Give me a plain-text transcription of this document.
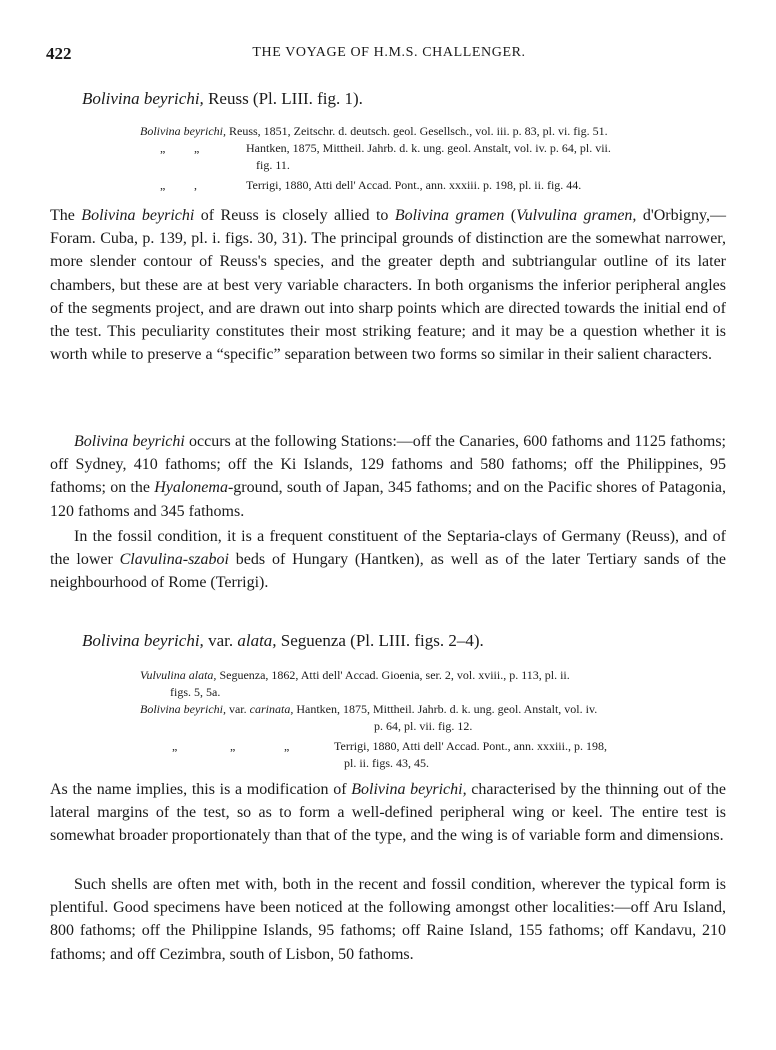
422	THE VOYAGE OF H.M.S. CHALLENGER.
Bolivina beyrichi, Reuss (Pl. LIII. fig. 1).
Bolivina beyrichi, Reuss, 1851, Zeitschr. d. deutsch. geol. Gesellsch., vol. iii. p. 83, pl. vi. fig. 51.
„ „	Hantken, 1875, Mittheil. Jahrb. d. k. ung. geol. Anstalt, vol. iv. p. 64, pl. vii.
fig. 11.
„ ,	Terrigi, 1880, Atti dell' Accad. Pont., ann. xxxiii. p. 198, pl. ii. fig. 44.

The Bolivina beyrichi of Reuss is closely allied to Bolivina gramen (Vulvulina gramen, d'Orbigny,—Foram. Cuba, p. 139, pl. i. figs. 30, 31). The principal grounds of distinction are the somewhat narrower, more slender contour of Reuss's species, and the greater depth and subtriangular outline of its later chambers, but these are at best very variable characters. In both organisms the inferior peripheral angles of the segments project, and are drawn out into sharp points which are directed towards the initial end of the test. This peculiarity constitutes their most striking feature; and it may be a question whether it is worth while to preserve a “specific” separation between two forms so similar in their salient characters.

Bolivina beyrichi occurs at the following Stations:—off the Canaries, 600 fathoms and 1125 fathoms; off Sydney, 410 fathoms; off the Ki Islands, 129 fathoms and 580 fathoms; off the Philippines, 95 fathoms; on the Hyalonema-ground, south of Japan, 345 fathoms; and on the Pacific shores of Patagonia, 120 fathoms and 345 fathoms.

In the fossil condition, it is a frequent constituent of the Septaria-clays of Germany (Reuss), and of the lower Clavulina-szaboi beds of Hungary (Hantken), as well as of the later Tertiary sands of the neighbourhood of Rome (Terrigi).

Bolivina beyrichi, var. alata, Seguenza (Pl. LIII. figs. 2–4).
Vulvulina alata, Seguenza, 1862, Atti dell' Accad. Gioenia, ser. 2, vol. xviii., p. 113, pl. ii.
figs. 5, 5a.
Bolivina beyrichi, var. carinata, Hantken, 1875, Mittheil. Jahrb. d. k. ung. geol. Anstalt, vol. iv.
p. 64, pl. vii. fig. 12.
„	„	„	Terrigi, 1880, Atti dell' Accad. Pont., ann. xxxiii., p. 198,
pl. ii. figs. 43, 45.

As the name implies, this is a modification of Bolivina beyrichi, characterised by the thinning out of the lateral margins of the test, so as to form a well-defined peripheral wing or keel. The entire test is somewhat broader proportionately than that of the type, and the wing is of variable form and dimensions.

Such shells are often met with, both in the recent and fossil condition, wherever the typical form is plentiful. Good specimens have been noticed at the following amongst other localities:—off Aru Island, 800 fathoms; off the Philippine Islands, 95 fathoms; off Raine Island, 155 fathoms; off Kandavu, 210 fathoms; and off Cezimbra, south of Lisbon, 50 fathoms.
